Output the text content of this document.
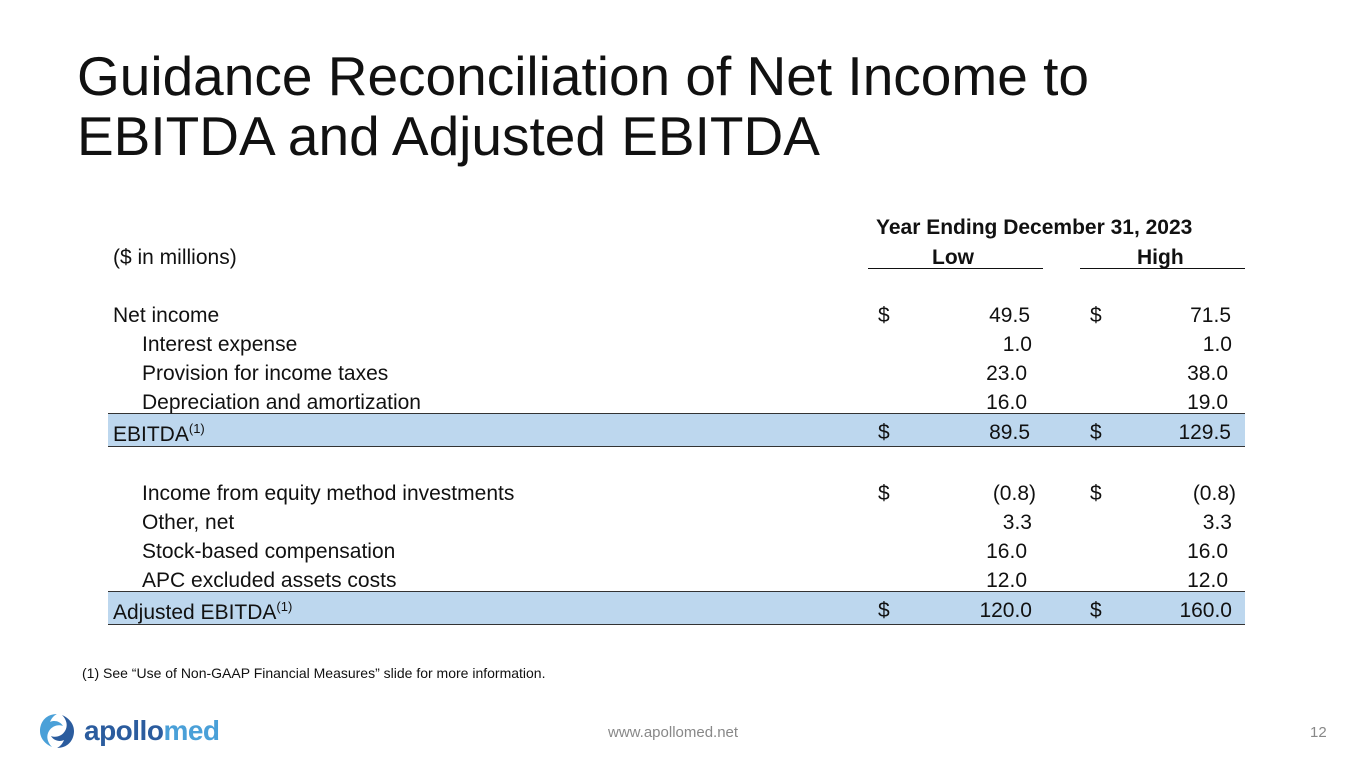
Guidance Reconciliation of Net Income to
EBITDA and Adjusted EBITDA
Year Ending December 31, 2023
($ in millions)	Low	High
Net income	$	49.5	$	71.5
Interest expense	1.0	1.0
Provision for income taxes	23.0	38.0
Depreciation and amortization	16.0	19.0
EBITDA$^{(1)}$	$	89.5	$	129.5
Income from equity method investments	$	(0.8)	$	(0.8)
Other, net	3.3	3.3
Stock-based compensation	16.0	16.0
APC excluded assets costs	12.0	12.0
Adjusted EBITDA$^{(1)}$	$	120.0	$	160.0
(1) See “Use of Non-GAAP Financial Measures” slide for more information.
apollomed	www.apollomed.net	12
